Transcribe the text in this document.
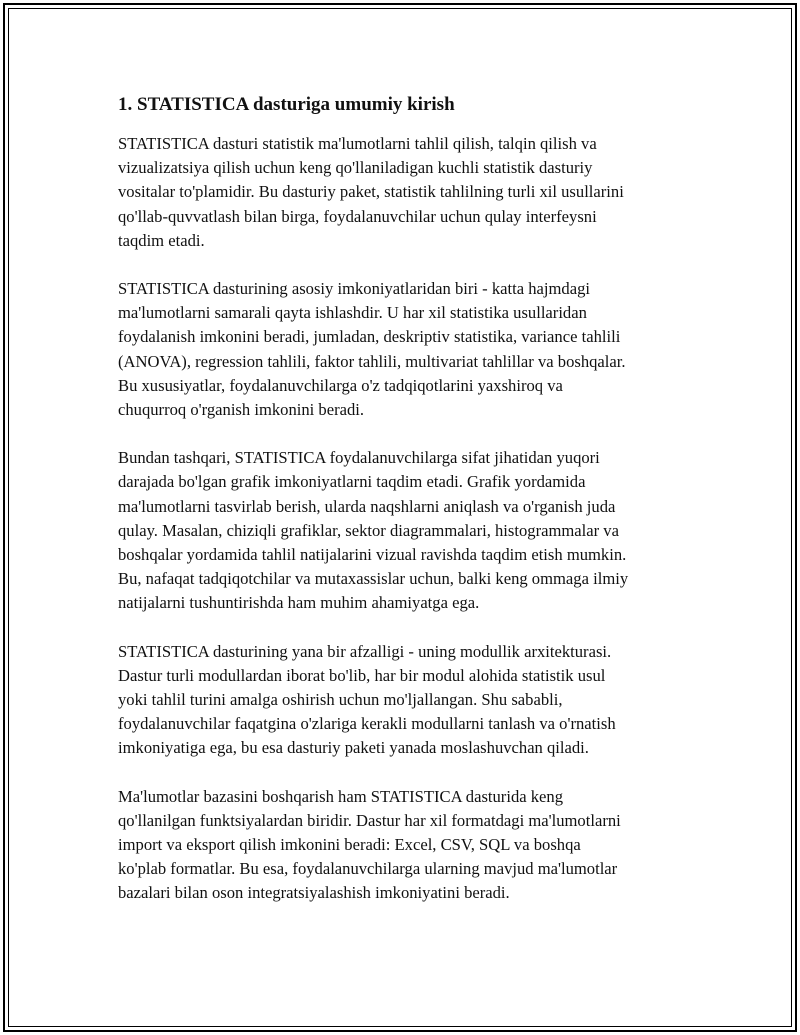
1. STATISTICA dasturiga umumiy kirish

STATISTICA dasturi statistik ma'lumotlarni tahlil qilish, talqin qilish va
vizualizatsiya qilish uchun keng qo'llaniladigan kuchli statistik dasturiy
vositalar to'plamidir. Bu dasturiy paket, statistik tahlilning turli xil usullarini
qo'llab-quvvatlash bilan birga, foydalanuvchilar uchun qulay interfeysni
taqdim etadi.

STATISTICA dasturining asosiy imkoniyatlaridan biri - katta hajmdagi
ma'lumotlarni samarali qayta ishlashdir. U har xil statistika usullaridan
foydalanish imkonini beradi, jumladan, deskriptiv statistika, variance tahlili
(ANOVA), regression tahlili, faktor tahlili, multivariat tahlillar va boshqalar.
Bu xususiyatlar, foydalanuvchilarga o'z tadqiqotlarini yaxshiroq va
chuqurroq o'rganish imkonini beradi.

Bundan tashqari, STATISTICA foydalanuvchilarga sifat jihatidan yuqori
darajada bo'lgan grafik imkoniyatlarni taqdim etadi. Grafik yordamida
ma'lumotlarni tasvirlab berish, ularda naqshlarni aniqlash va o'rganish juda
qulay. Masalan, chiziqli grafiklar, sektor diagrammalari, histogrammalar va
boshqalar yordamida tahlil natijalarini vizual ravishda taqdim etish mumkin.
Bu, nafaqat tadqiqotchilar va mutaxassislar uchun, balki keng ommaga ilmiy
natijalarni tushuntirishda ham muhim ahamiyatga ega.

STATISTICA dasturining yana bir afzalligi - uning modullik arxitekturasi.
Dastur turli modullardan iborat bo'lib, har bir modul alohida statistik usul
yoki tahlil turini amalga oshirish uchun mo'ljallangan. Shu sababli,
foydalanuvchilar faqatgina o'zlariga kerakli modullarni tanlash va o'rnatish
imkoniyatiga ega, bu esa dasturiy paketi yanada moslashuvchan qiladi.

Ma'lumotlar bazasini boshqarish ham STATISTICA dasturida keng
qo'llanilgan funktsiyalardan biridir. Dastur har xil formatdagi ma'lumotlarni
import va eksport qilish imkonini beradi: Excel, CSV, SQL va boshqa
ko'plab formatlar. Bu esa, foydalanuvchilarga ularning mavjud ma'lumotlar
bazalari bilan oson integratsiyalashish imkoniyatini beradi.
